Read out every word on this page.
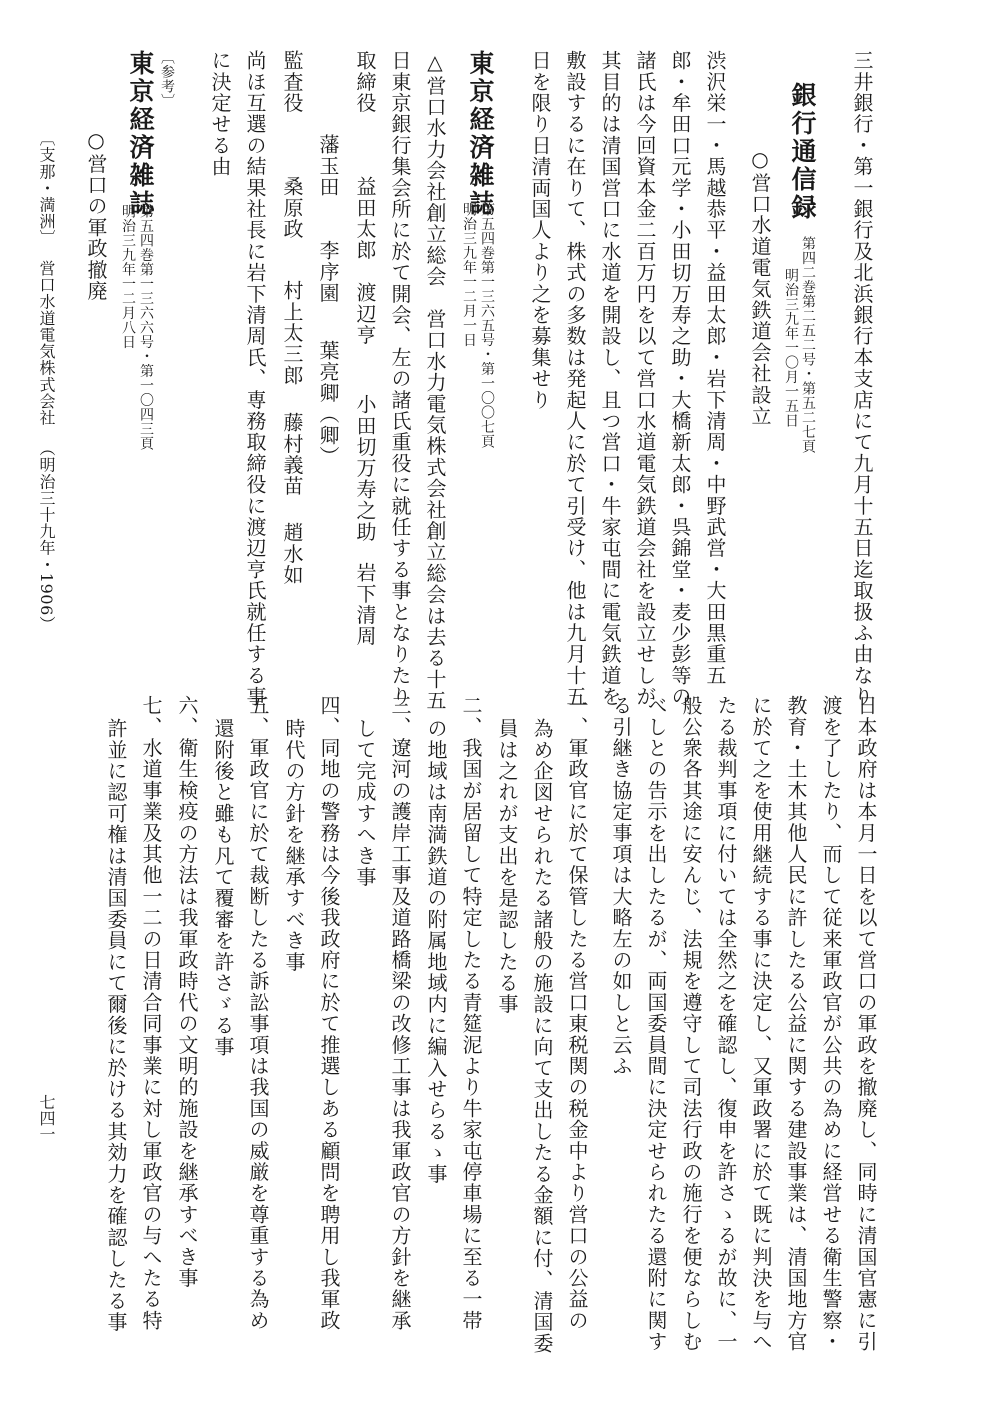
三井銀行・第一銀行及北浜銀行本支店にて九月十五日迄取扱ふ由なり
銀行通信録
第四二巻第二五二号・第五二七頁
明治三九年一〇月一五日
○営口水道電気鉄道会社設立
渋沢栄一・馬越恭平・益田太郎・岩下清周・中野武営・大田黒重五
郎・牟田口元学・小田切万寿之助・大橋新太郎・呉錦堂・麦少彭等の
諸氏は今回資本金二百万円を以て営口水道電気鉄道会社を設立せしが
其目的は清国営口に水道を開設し、且つ営口・牛家屯間に電気鉄道を
敷設するに在りて、株式の多数は発起人に於て引受け、他は九月十五
日を限り日清両国人より之を募集せり
東京経済雑誌
第五四巻第一三六五号・第一〇〇七頁
明治三九年一二月一日
△営口水力会社創立総会　営口水力電気株式会社創立総会は去る十五
日東京銀行集会所に於て開会、左の諸氏重役に就任する事となりたり
取締役
益田太郎
渡辺亨
小田切万寿之助
岩下清周
藩玉田
李序園
葉亮卿（卿）
監査役
桑原政
村上太三郎
藤村義苗
趙水如
尚ほ互選の結果社長に岩下清周氏、専務取締役に渡辺亨氏就任する事
に決定せる由
〔参考〕
東京経済雑誌
第五四巻第一三六六号・第一〇四三頁
明治三九年一二月八日
○営口の軍政撤廃
〔支那・満洲〕
営口水道電気株式会社
（明治三十九年・1906）
日本政府は本月一日を以て営口の軍政を撤廃し、同時に清国官憲に引
渡を了したり、而して従来軍政官が公共の為めに経営せる衛生警察・
教育・土木其他人民に許したる公益に関する建設事業は、清国地方官
に於て之を使用継続する事に決定し、又軍政署に於て既に判決を与へ
たる裁判事項に付いては全然之を確認し、復申を許さゝるが故に、一
般公衆各其途に安んじ、法規を遵守して司法行政の施行を便ならしむ
べしとの告示を出したるが、両国委員間に決定せられたる還附に関す
る引継き協定事項は大略左の如しと云ふ
一、軍政官に於て保管したる営口東税関の税金中より営口の公益の
為め企図せられたる諸般の施設に向て支出したる金額に付、清国委
員は之れが支出を是認したる事
二、我国が居留して特定したる青筵泥より牛家屯停車場に至る一帯
の地域は南満鉄道の附属地域内に編入せらるゝ事
三、遼河の護岸工事及道路橋梁の改修工事は我軍政官の方針を継承
して完成すへき事
四、同地の警務は今後我政府に於て推選しある顧問を聘用し我軍政
時代の方針を継承すべき事
五、軍政官に於て裁断したる訴訟事項は我国の威厳を尊重する為め
還附後と雖も凡て覆審を許さゞる事
六、衛生検疫の方法は我軍政時代の文明的施設を継承すべき事
七、水道事業及其他一二の日清合同事業に対し軍政官の与へたる特
許並に認可権は清国委員にて爾後に於ける其効力を確認したる事
七四一
